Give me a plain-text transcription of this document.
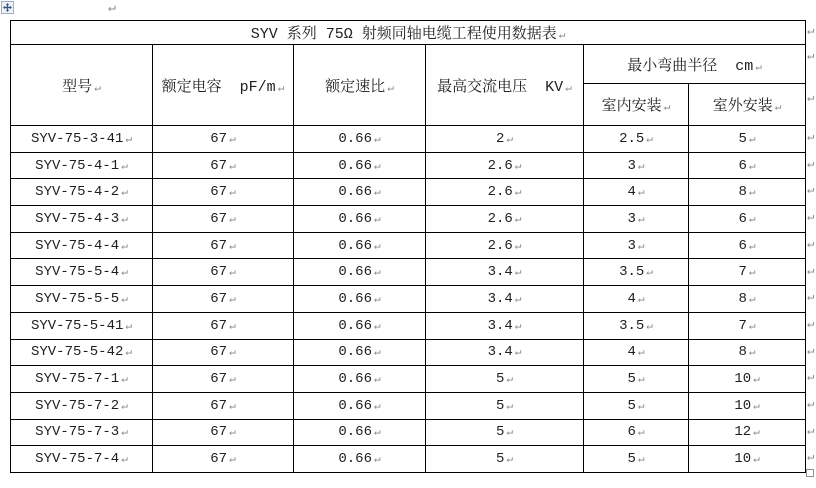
↵
SYV 系列 75Ω 射频同轴电缆工程使用数据表 ↵					
型号 ↵	额定电容  pF/m ↵	额定速比 ↵	最高交流电压  KV ↵	最小弯曲半径  cm ↵	
				室内安装 ↵	室外安装 ↵
SYV-75-3-41 ↵	67 ↵	0.66 ↵	2 ↵	2.5 ↵	5 ↵
SYV-75-4-1 ↵	67 ↵	0.66 ↵	2.6 ↵	3 ↵	6 ↵
SYV-75-4-2 ↵	67 ↵	0.66 ↵	2.6 ↵	4 ↵	8 ↵
SYV-75-4-3 ↵	67 ↵	0.66 ↵	2.6 ↵	3 ↵	6 ↵
SYV-75-4-4 ↵	67 ↵	0.66 ↵	2.6 ↵	3 ↵	6 ↵
SYV-75-5-4 ↵	67 ↵	0.66 ↵	3.4 ↵	3.5 ↵	7 ↵
SYV-75-5-5 ↵	67 ↵	0.66 ↵	3.4 ↵	4 ↵	8 ↵
SYV-75-5-41 ↵	67 ↵	0.66 ↵	3.4 ↵	3.5 ↵	7 ↵
SYV-75-5-42 ↵	67 ↵	0.66 ↵	3.4 ↵	4 ↵	8 ↵
SYV-75-7-1 ↵	67 ↵	0.66 ↵	5 ↵	5 ↵	10 ↵
SYV-75-7-2 ↵	67 ↵	0.66 ↵	5 ↵	5 ↵	10 ↵
SYV-75-7-3 ↵	67 ↵	0.66 ↵	5 ↵	6 ↵	12 ↵
SYV-75-7-4 ↵	67 ↵	0.66 ↵	5 ↵	5 ↵	10 ↵
↵
↵
↵
↵
↵
↵
↵
↵
↵
↵
↵
↵
↵
↵
↵
↵
